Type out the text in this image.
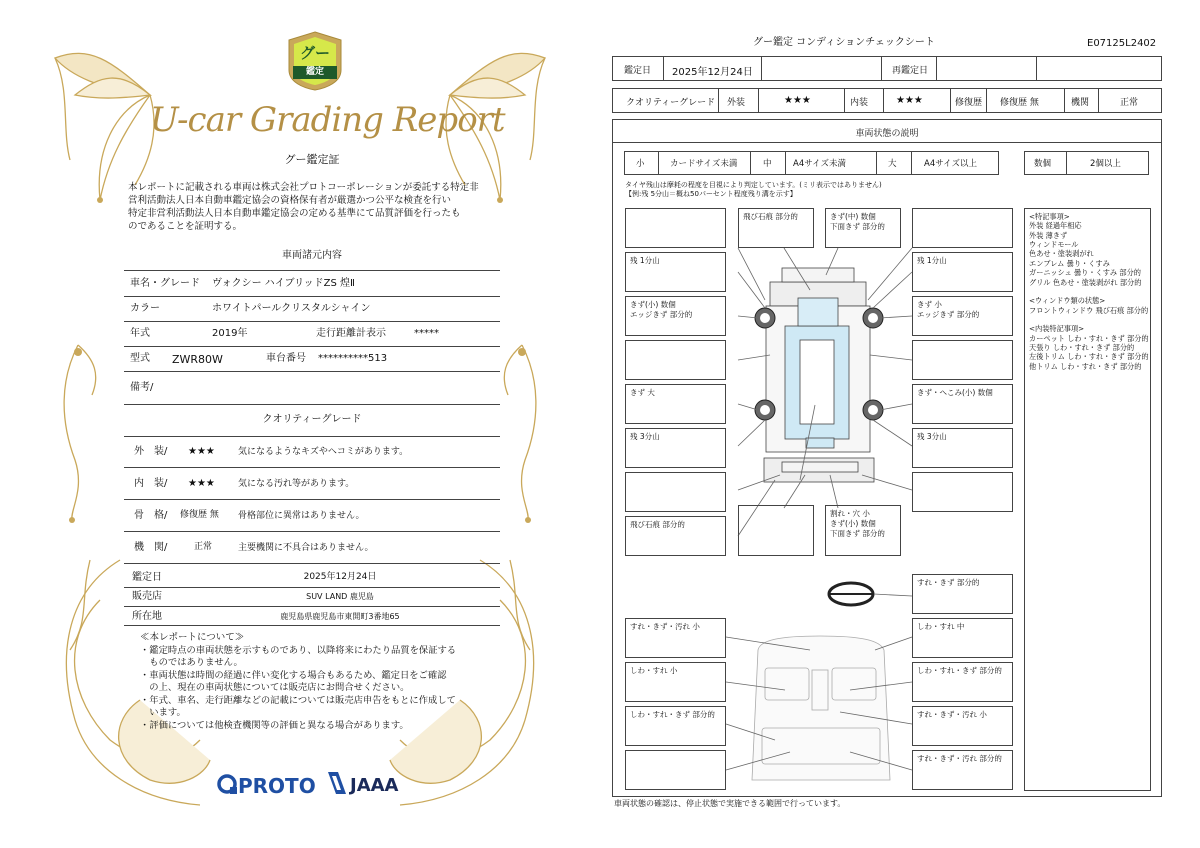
グー
鑑定
U-car Grading Report
グー鑑定証
本レポートに記載される車両は株式会社プロトコーポレーションが委託する特定非
営利活動法人日本自動車鑑定協会の資格保有者が厳選かつ公平な検査を行い
特定非営利活動法人日本自動車鑑定協会の定める基準にて品質評価を行ったも
のであることを証明する。
車両諸元内容
車名・グレード ヴォクシー ハイブリッドZS 煌Ⅱ
カラー	ホワイトパールクリスタルシャイン
年式	2019年	走行距離計表示	*****
型式 ZWR80W	車台番号 **********513
備考/
クオリティーグレード
外　装/ ★★★	気になるようなキズやヘコミがあります。
内　装/ ★★★	気になる汚れ等があります。
骨　格/ 修復歴 無 骨格部位に異常はありません。
機　関/	正常	主要機関に不具合はありません。
鑑定日	2025年12月24日
販売店	SUV LAND 鹿児島
所在地	鹿児島県鹿児島市東開町3番地65
≪本レポートについて≫
・鑑定時点の車両状態を示すものであり、以降将来にわたり品質を保証する
　ものではありません。
・車両状態は時間の経過に伴い変化する場合もあるため、鑑定日をご確認
　の上、現在の車両状態については販売店にお問合せください。
・年式、車名、走行距離などの記載については販売店申告をもとに作成して
　います。
・評価については他検査機関等の評価と異なる場合があります。
PROTO JAAA
グー鑑定 コンディションチェックシート	E07125L2402
鑑定日 2025年12月24日	再鑑定日
クオリティーグレード 外装	★★★	内装	★★★	修復歴 修復歴 無	機関	正常
車両状態の説明
小	カードサイズ未満	中	A4サイズ未満	大	A4サイズ以上	数個	2個以上
タイヤ残山は摩耗の程度を目視により判定しています。(ミリ表示ではありません)
【例:残 5分山＝概ね50パーセント程度残り溝を示す】
飛び石痕 部分的	きず(中) 数個
下面きず 部分的
残 1分山	残 1分山
きず(小) 数個
エッジきず 部分的
きず 小
エッジきず 部分的
きず 大	きず・へこみ(小) 数個
残 3分山	残 3分山
飛び石痕 部分的
割れ・穴 小
きず(小) 数個
下面きず 部分的
すれ・きず 部分的
すれ・きず・汚れ 小	しわ・すれ 中
しわ・すれ 小	しわ・すれ・きず 部分的
しわ・すれ・きず 部分的	すれ・きず・汚れ 小
すれ・きず・汚れ 部分的
<特記事項>
外装 経過年相応
外装 薄きず
ウィンドモール
色あせ・塗装剥がれ
エンブレム 曇り・くすみ
ガーニッシュ 曇り・くすみ 部分的
グリル 色あせ・塗装剥がれ 部分的

<ウィンドウ類の状態>
フロントウィンドウ 飛び石痕 部分的

<内装特記事項>
カーペット しわ・すれ・きず 部分的
天張り しわ・すれ・きず 部分的
左後トリム しわ・すれ・きず 部分的
他トリム しわ・すれ・きず 部分的
車両状態の確認は、停止状態で実施できる範囲で行っています。
